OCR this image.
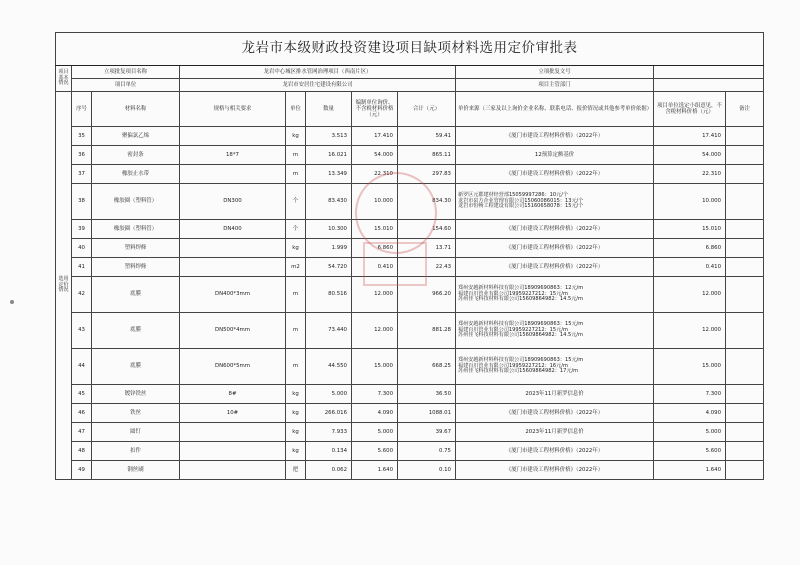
龙岩市本级财政投资建设项目缺项材料选用定价审批表										
项目基本情况	立项批复项目名称		龙岩中心城区排水管网治理项目（西南片区）					立项批复文号		
	项目单位		龙岩市安居住宅建设有限公司					项目主管部门		
选用定价情况	序号	材料名称	规格与相关要求	单位	数量	编制单位询价、不含税材料价格（元）	合计（元）	单价来源（三家及以上询价企业名称、联系电话、报价情况或其他参考单价依据）	项目单位选定小组意见，不含税材料价格（元）	备注
	35	聚偏氯乙烯		kg	3.513	17.410	59.41	《厦门市建设工程材料价格》（2022年）	17.410	
	36	密封条	18*7	m	16.021	54.000	865.11	12预算定额基价	54.000	
	37	橡胶止水带		m	13.349	22.310	297.83	《厦门市建设工程材料价格》（2022年）	22.310	
	38	橡胶圈（塑料管）	DN300	个	83.430	10.000	834.30	新罗区元郡建材经营部15059997286：10元/个
龙岩市泉方企业管理有限公司15060086015：13元/个
龙岩市恒畅工程建设有限公司15160658078：15元/个	10.000	
	39	橡胶圈（塑料管）	DN400	个	10.300	15.010	154.60	《厦门市建设工程材料价格》（2022年）	15.010	
	40	塑料焊條		kg	1.999	6.860	13.71	《厦门市建设工程材料价格》（2022年）	6.860	
	41	塑料焊條		m2	54.720	0.410	22.43	《厦门市建设工程材料价格》（2022年）	0.410	
	42	底膜	DN400*3mm	m	80.516	12.000	966.20	郑州安越新材料科技有限公司18909690863：12元/m
福建百川管业有限公司19959227212：15元/m
苏州佳飞科技材料有限公司15609864982：14.5元/m	12.000	
	43	底膜	DN500*4mm	m	73.440	12.000	881.28	郑州安越新材料科技有限公司18909690863：15元/m
福建百川管业有限公司19959227212：15元/m
苏州佳飞科技材料有限公司15609864982：14.5元/m	12.000	
	44	底膜	DN600*5mm	m	44.550	15.000	668.25	郑州安越新材料科技有限公司18909690863：15元/m
福建百川管业有限公司19959227212：16元/m
苏州佳飞科技材料有限公司15609864982：17元/m	15.000	
	45	镀锌铁丝	8#	kg	5.000	7.300	36.50	2023年11月新罗信息价	7.300	
	46	铁丝	10#	kg	266.016	4.090	1088.01	《厦门市建设工程材料价格》（2022年）	4.090	
	47	圆钉		kg	7.933	5.000	39.67	2023年11月新罗信息价	5.000	
	48	扣件		kg	0.134	5.600	0.75	《厦门市建设工程材料价格》（2022年）	5.600	
	49	钢丝刷		把	0.062	1.640	0.10	《厦门市建设工程材料价格》（2022年）	1.640	
